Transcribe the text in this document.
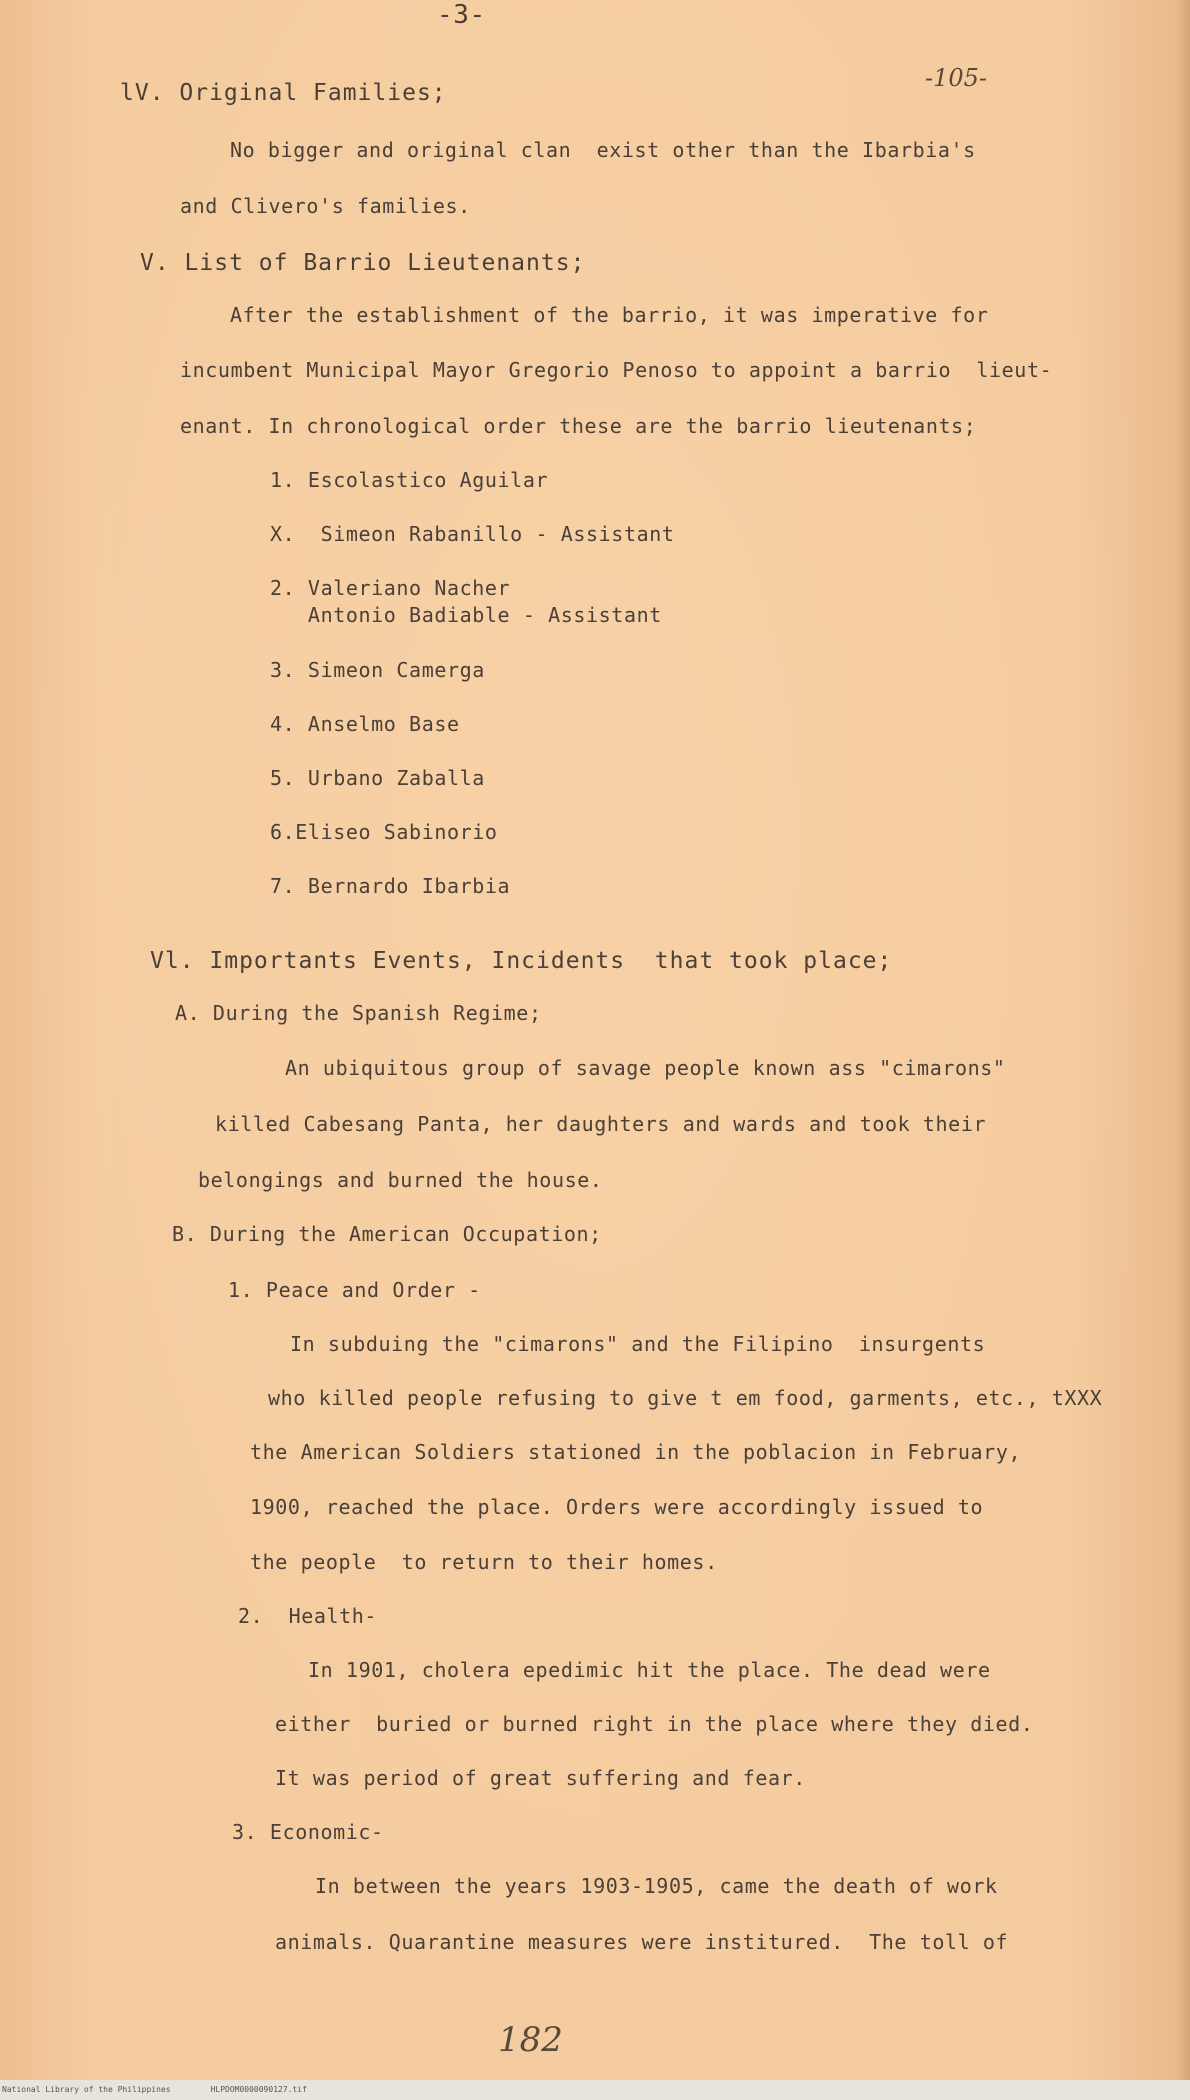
-3-
-105-
lV. Original Families;
No bigger and original clan  exist other than the Ibarbia's
and Clivero's families.
V. List of Barrio Lieutenants;
After the establishment of the barrio, it was imperative for
incumbent Municipal Mayor Gregorio Penoso to appoint a barrio  lieut-
enant. In chronological order these are the barrio lieutenants;
1. Escolastico Aguilar
X.  Simeon Rabanillo - Assistant
2. Valeriano Nacher
Antonio Badiable - Assistant
3. Simeon Camerga
4. Anselmo Base
5. Urbano Zaballa
6.Eliseo Sabinorio
7. Bernardo Ibarbia
Vl. Importants Events, Incidents  that took place;
A. During the Spanish Regime;
An ubiquitous group of savage people known ass "cimarons"
killed Cabesang Panta, her daughters and wards and took their
belongings and burned the house.
B. During the American Occupation;
1. Peace and Order -
In subduing the "cimarons" and the Filipino  insurgents
who killed people refusing to give t em food, garments, etc., tXXX
the American Soldiers stationed in the poblacion in February,
1900, reached the place. Orders were accordingly issued to
the people  to return to their homes.
2.  Health-
In 1901, cholera epedimic hit the place. The dead were
either  buried or burned right in the place where they died.
It was period of great suffering and fear.
3. Economic-
In between the years 1903-1905, came the death of work
animals. Quarantine measures were institured.  The toll of
182
National Library of the Philippines	HLPDOM0000090127.tif
